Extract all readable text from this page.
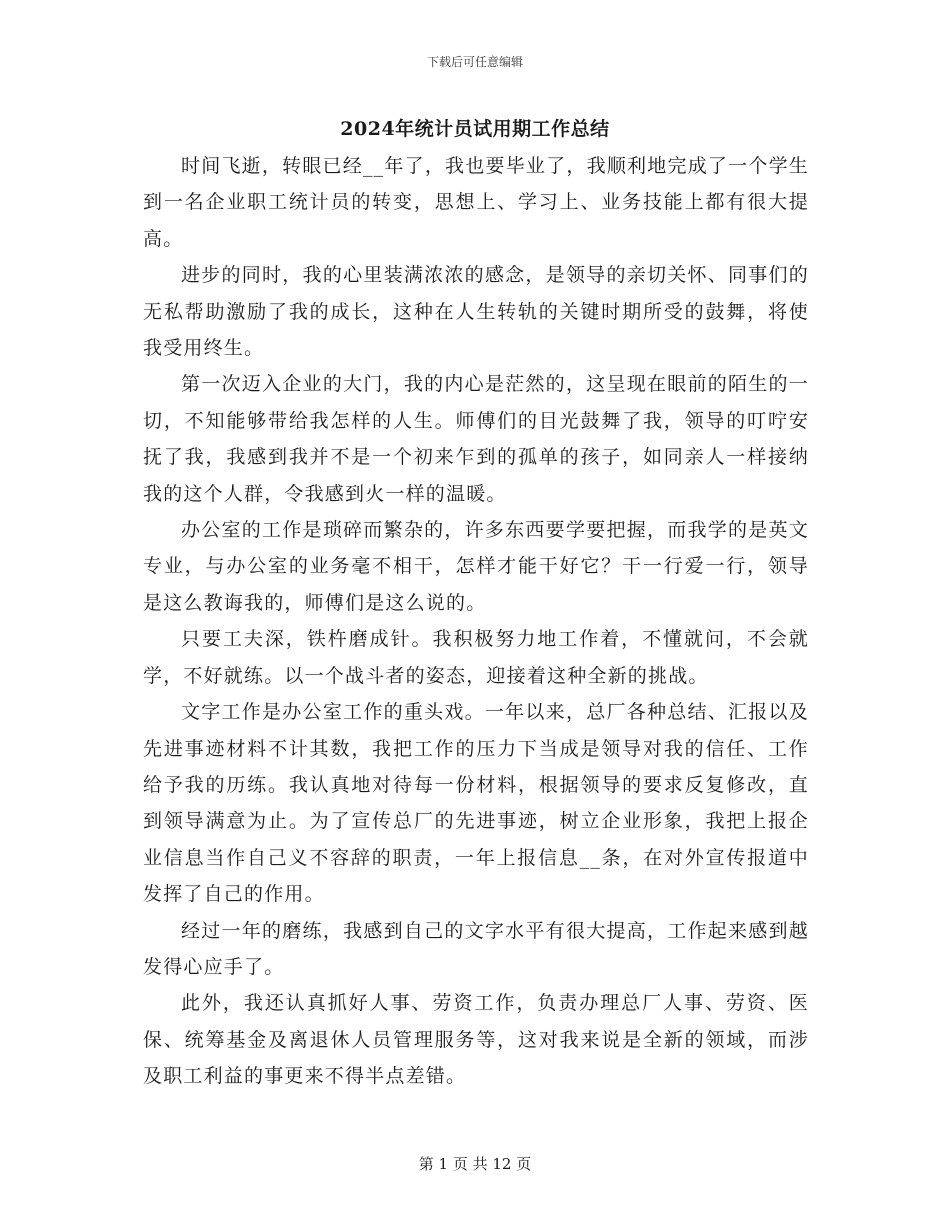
下载后可任意编辑
2024年统计员试用期工作总结

时间飞逝，转眼已经__年了，我也要毕业了，我顺利地完成了一个学生到一名企业职工统计员的转变，思想上、学习上、业务技能上都有很大提高。

进步的同时，我的心里装满浓浓的感念，是领导的亲切关怀、同事们的无私帮助激励了我的成长，这种在人生转轨的关键时期所受的鼓舞，将使我受用终生。

第一次迈入企业的大门，我的内心是茫然的，这呈现在眼前的陌生的一切，不知能够带给我怎样的人生。师傅们的目光鼓舞了我，领导的叮咛安抚了我，我感到我并不是一个初来乍到的孤单的孩子，如同亲人一样接纳我的这个人群，令我感到火一样的温暖。

办公室的工作是琐碎而繁杂的，许多东西要学要把握，而我学的是英文专业，与办公室的业务毫不相干，怎样才能干好它？干一行爱一行，领导是这么教诲我的，师傅们是这么说的。

只要工夫深，铁杵磨成针。我积极努力地工作着，不懂就问，不会就学，不好就练。以一个战斗者的姿态，迎接着这种全新的挑战。

文字工作是办公室工作的重头戏。一年以来，总厂各种总结、汇报以及先进事迹材料不计其数，我把工作的压力下当成是领导对我的信任、工作给予我的历练。我认真地对待每一份材料，根据领导的要求反复修改，直到领导满意为止。为了宣传总厂的先进事迹，树立企业形象，我把上报企业信息当作自己义不容辞的职责，一年上报信息__条，在对外宣传报道中发挥了自己的作用。

经过一年的磨练，我感到自己的文字水平有很大提高，工作起来感到越发得心应手了。

此外，我还认真抓好人事、劳资工作，负责办理总厂人事、劳资、医保、统筹基金及离退休人员管理服务等，这对我来说是全新的领域，而涉及职工利益的事更来不得半点差错。

第 1 页 共 12 页
